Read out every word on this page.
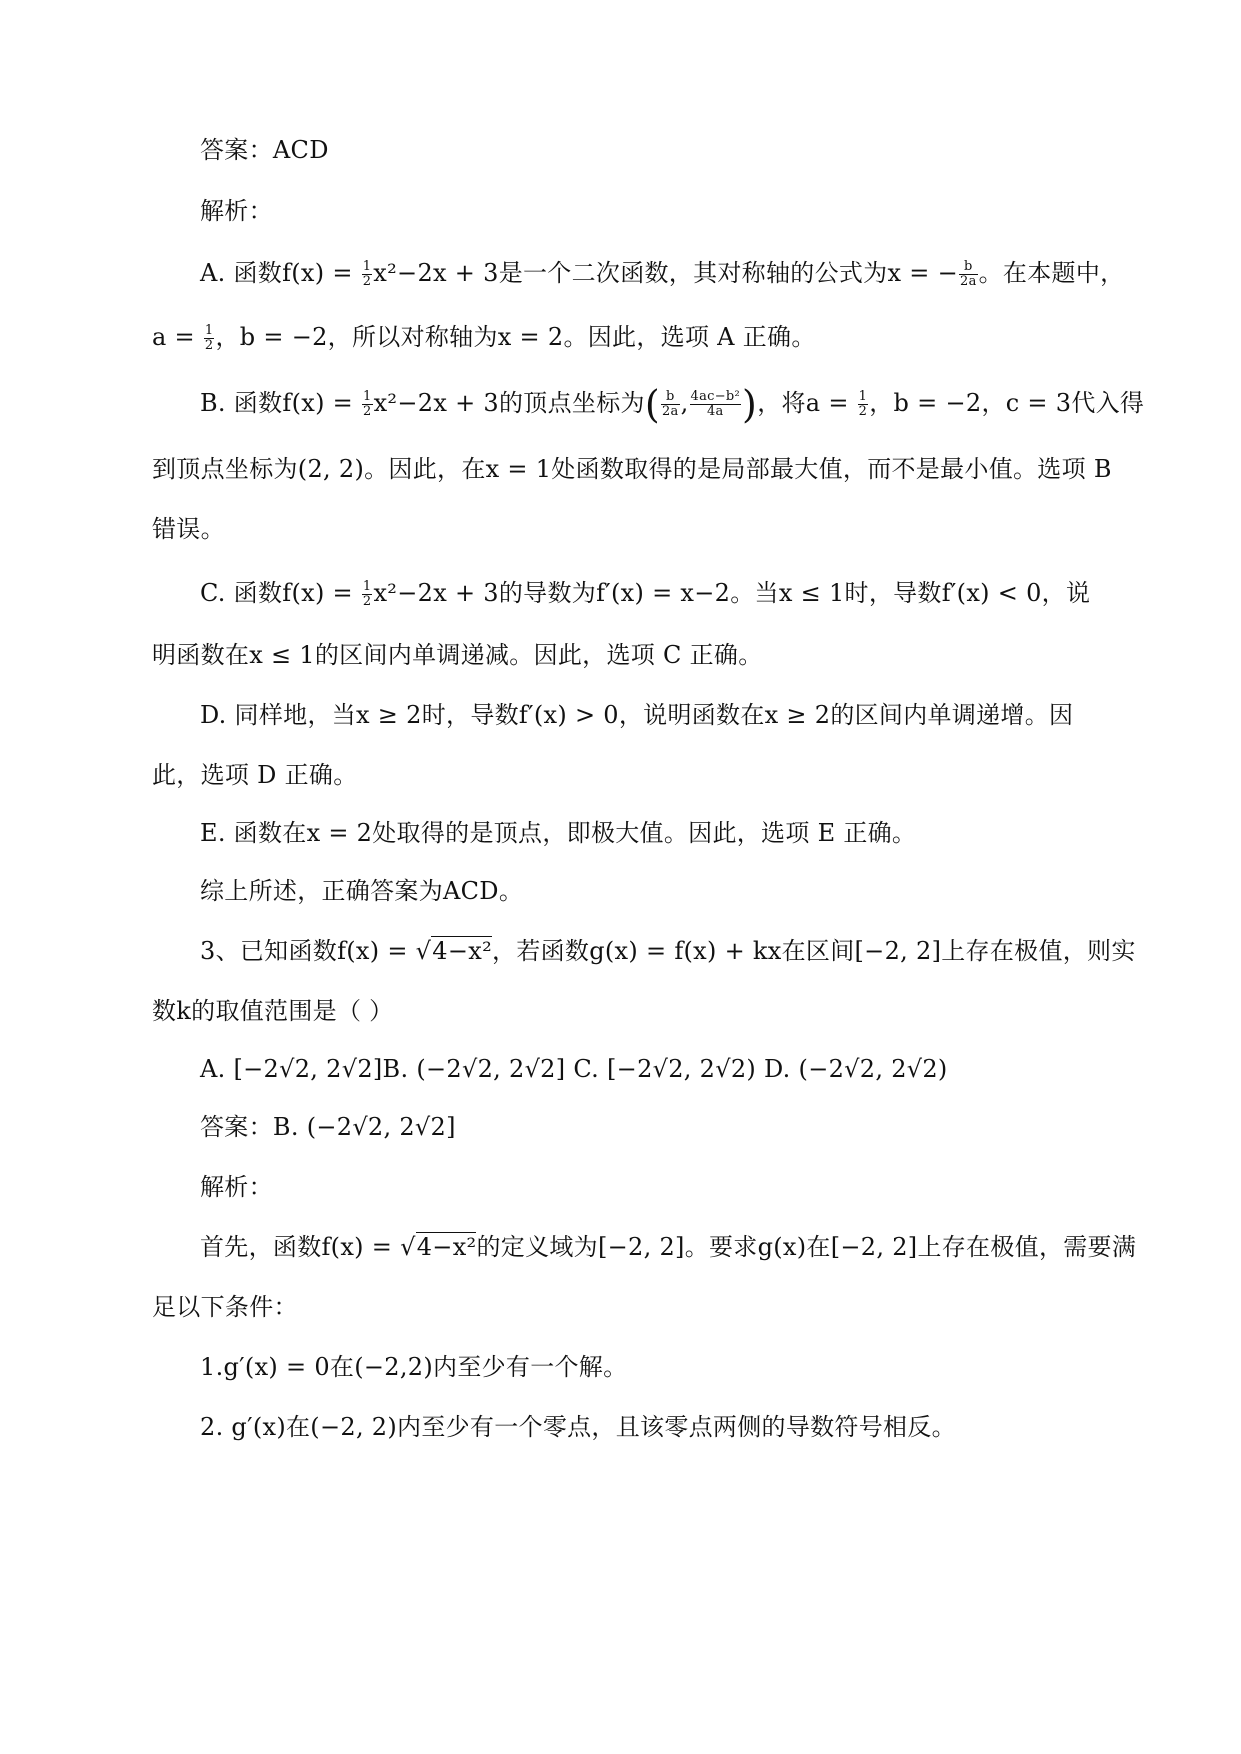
答案：ACD
解析：
A. 函数$f(x) = \frac{1}{2} x^2-2x + 3$是一个二次函数，其对称轴的公式为x = − $\frac{b}{2a}$ 。在本题中，
$a = \frac{1}{2}$ ，b = −2，所以对称轴为x = 2。因此，选项 A 正确。
B. 函数$f(x) = \frac{1}{2} x^2-2x + 3$的顶点坐标为( $\frac{b}{2a}$ , $\frac{\text{4ac−b²}}{4a}$ )，将$a = \frac{1}{2}$ ，b = −2，c = 3代入得
到顶点坐标为(2, 2)。因此，在x = 1处函数取得的是局部最大值，而不是最小值。选项 B
错误。
C. 函数$f(x) = \frac{1}{2} x^2-2x + 3$的导数为f′(x) = x−2。当x ≤ 1时，导数f′(x) < 0，说
明函数在x ≤ 1的区间内单调递减。因此，选项 C 正确。
D. 同样地，当x ≥ 2时，导数f′(x) > 0，说明函数在x ≥ 2的区间内单调递增。因
此，选项 D 正确。
E. 函数在x = 2处取得的是顶点，即极大值。因此，选项 E 正确。
综上所述，正确答案为ACD。
3、已知函数f(x) = √4−x²，若函数g(x) = f(x) + kx在区间[−2, 2]上存在极值，则实
数k的取值范围是（ ）
A. [−2√2, 2√2]B. (−2√2, 2√2] C. [−2√2, 2√2) D. (−2√2, 2√2)
答案：B. (−2√2, 2√2]
解析：
首先，函数f(x) = √4−x²的定义域为[−2, 2]。要求g(x)在[−2, 2]上存在极值，需要满
足以下条件：
1.g′(x) = 0在(−2,2)内至少有一个解。
2. g′(x)在(−2, 2)内至少有一个零点，且该零点两侧的导数符号相反。
